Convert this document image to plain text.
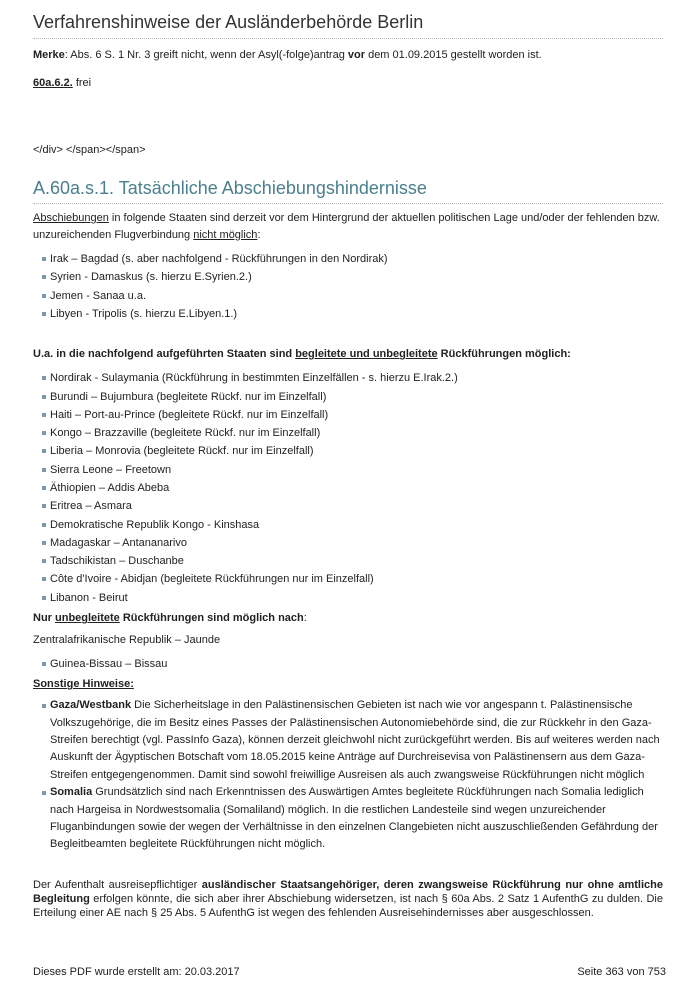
Verfahrenshinweise der Ausländerbehörde Berlin

Merke: Abs. 6 S. 1 Nr. 3 greift nicht, wenn der Asyl(-folge)antrag vor dem 01.09.2015 gestellt worden ist.

60a.6.2. frei

</div> </span></span>

A.60a.s.1. Tatsächliche Abschiebungshindernisse

Abschiebungen in folgende Staaten sind derzeit vor dem Hintergrund der aktuellen politischen Lage und/oder der fehlenden bzw. unzureichenden Flugverbindung nicht möglich:

Irak – Bagdad (s. aber nachfolgend - Rückführungen in den Nordirak)
Syrien - Damaskus (s. hierzu E.Syrien.2.)
Jemen - Sanaa u.a.
Libyen - Tripolis (s. hierzu E.Libyen.1.)

U.a. in die nachfolgend aufgeführten Staaten sind begleitete und unbegleitete Rückführungen möglich:

Nordirak - Sulaymania (Rückführung in bestimmten Einzelfällen - s. hierzu E.Irak.2.)
Burundi – Bujumbura (begleitete Rückf. nur im Einzelfall)
Haiti – Port-au-Prince (begleitete Rückf. nur im Einzelfall)
Kongo – Brazzaville (begleitete Rückf. nur im Einzelfall)
Liberia – Monrovia (begleitete Rückf. nur im Einzelfall)
Sierra Leone – Freetown
Äthiopien – Addis Abeba
Eritrea – Asmara
Demokratische Republik Kongo - Kinshasa
Madagaskar – Antananarivo
Tadschikistan – Duschanbe
Côte d'Ivoire - Abidjan (begleitete Rückführungen nur im Einzelfall)
Libanon - Beirut

Nur unbegleitete Rückführungen sind möglich nach:

Zentralafrikanische Republik – Jaunde

Guinea-Bissau – Bissau

Sonstige Hinweise:

Gaza/Westbank Die Sicherheitslage in den Palästinensischen Gebieten ist nach wie vor angespann t. Palästinensische Volkszugehörige, die im Besitz eines Passes der Palästinensischen Autonomiebehörde sind, die zur Rückkehr in den Gaza-Streifen berechtigt (vgl. PassInfo Gaza), können derzeit gleichwohl nicht zurückgeführt werden. Bis auf weiteres werden nach Auskunft der Ägyptischen Botschaft vom 18.05.2015 keine Anträge auf Durchreisevisa von Palästinensern aus dem Gaza-Streifen entgegengenommen. Damit sind sowohl freiwillige Ausreisen als auch zwangsweise Rückführungen nicht möglich
Somalia Grundsätzlich sind nach Erkenntnissen des Auswärtigen Amtes begleitete Rückführungen nach Somalia lediglich nach Hargeisa in Nordwestsomalia (Somaliland) möglich. In die restlichen Landesteile sind wegen unzureichender Fluganbindungen sowie der wegen der Verhältnisse in den einzelnen Clangebieten nicht auszuschließenden Gefährdung der Begleitbeamten begleitete Rückführungen nicht möglich.

Der Aufenthalt ausreisepflichtiger ausländischer Staatsangehöriger, deren zwangsweise Rückführung nur ohne amtliche Begleitung erfolgen könnte, die sich aber ihrer Abschiebung widersetzen, ist nach § 60a Abs. 2 Satz 1 AufenthG zu dulden. Die Erteilung einer AE nach § 25 Abs. 5 AufenthG ist wegen des fehlenden Ausreisehindernisses aber ausgeschlossen.

Dieses PDF wurde erstellt am: 20.03.2017	Seite 363 von 753
